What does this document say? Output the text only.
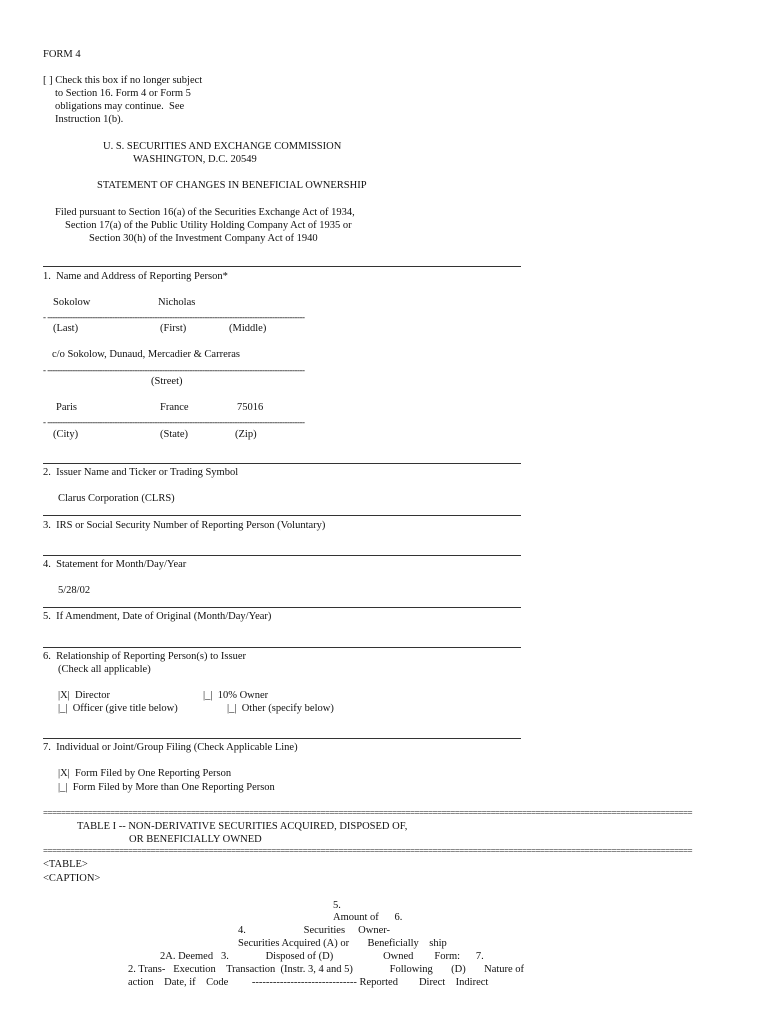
FORM 4
[ ] Check this box if no longer subject
to Section 16. Form 4 or Form 5
obligations may continue.  See
Instruction 1(b).
U. S. SECURITIES AND EXCHANGE COMMISSION
WASHINGTON, D.C. 20549
STATEMENT OF CHANGES IN BENEFICIAL OWNERSHIP
Filed pursuant to Section 16(a) of the Securities Exchange Act of 1934,
Section 17(a) of the Public Utility Holding Company Act of 1935 or
Section 30(h) of the Investment Company Act of 1940
1.  Name and Address of Reporting Person*
Sokolow	Nicholas
- -------------------------------------------------------------------------------------------------------
(Last)	(First)	(Middle)
c/o Sokolow, Dunaud, Mercadier & Carreras
- -------------------------------------------------------------------------------------------------------
(Street)
Paris	France	75016
- -------------------------------------------------------------------------------------------------------
(City)	(State)	(Zip)
2.  Issuer Name and Ticker or Trading Symbol
Clarus Corporation (CLRS)
3.  IRS or Social Security Number of Reporting Person (Voluntary)
4.  Statement for Month/Day/Year
5/28/02
5.  If Amendment, Date of Original (Month/Day/Year)
6.  Relationship of Reporting Person(s) to Issuer
(Check all applicable)
|X|  Director	|_|  10% Owner
|_|  Officer (give title below)	|_|  Other (specify below)
7.  Individual or Joint/Group Filing (Check Applicable Line)
|X|  Form Filed by One Reporting Person
|_|  Form Filed by More than One Reporting Person
=================================================================================================================================================
TABLE I -- NON-DERIVATIVE SECURITIES ACQUIRED, DISPOSED OF,
OR BENEFICIALLY OWNED
=================================================================================================================================================
<TABLE>
<CAPTION>
5.
Amount of      6.
4.                      Securities     Owner-
Securities Acquired (A) or       Beneficially    ship
2A. Deemed   3.              Disposed of (D)                   Owned        Form:      7.
2. Trans-   Execution    Transaction  (Instr. 3, 4 and 5)              Following       (D)       Nature of
action    Date, if    Code         ------------------------------ Reported        Direct    Indirect
